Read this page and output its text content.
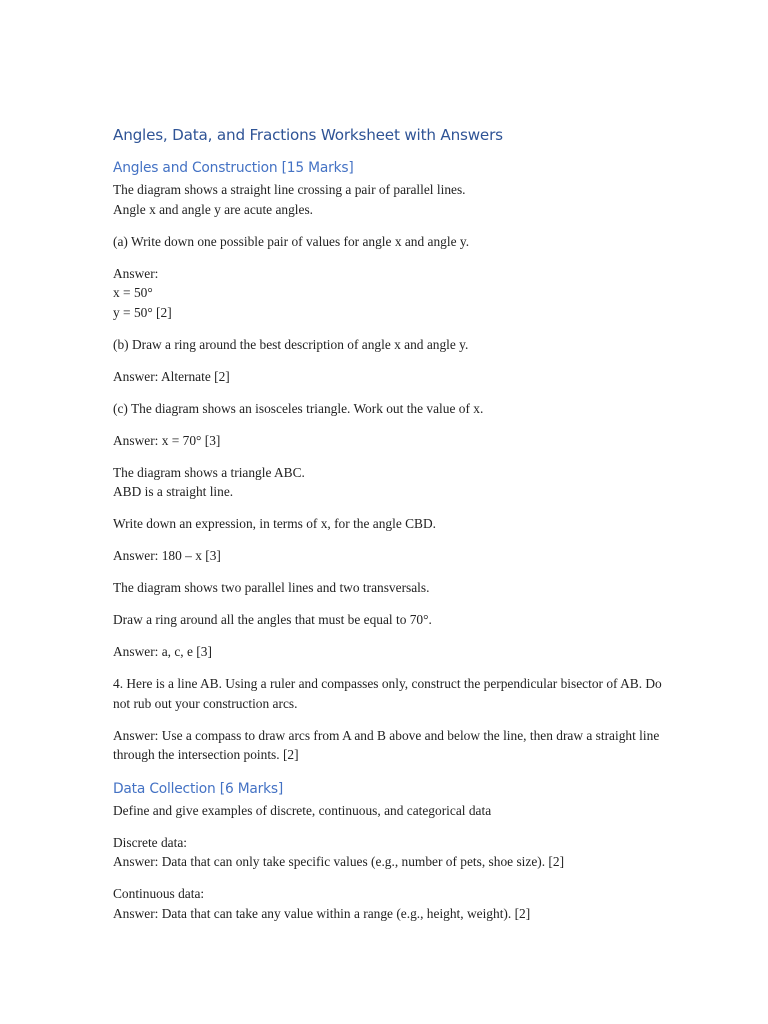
Angles, Data, and Fractions Worksheet with Answers
Angles and Construction [15 Marks]

The diagram shows a straight line crossing a pair of parallel lines.
Angle x and angle y are acute angles.

(a) Write down one possible pair of values for angle x and angle y.

Answer:
x = 50°
y = 50° [2]

(b) Draw a ring around the best description of angle x and angle y.

Answer: Alternate [2]

(c) The diagram shows an isosceles triangle. Work out the value of x.

Answer: x = 70° [3]

The diagram shows a triangle ABC.
ABD is a straight line.

Write down an expression, in terms of x, for the angle CBD.

Answer: 180 – x [3]

The diagram shows two parallel lines and two transversals.

Draw a ring around all the angles that must be equal to 70°.

Answer: a, c, e [3]

4. Here is a line AB. Using a ruler and compasses only, construct the perpendicular bisector of AB. Do not rub out your construction arcs.

Answer: Use a compass to draw arcs from A and B above and below the line, then draw a straight line through the intersection points. [2]

Data Collection [6 Marks]

Define and give examples of discrete, continuous, and categorical data

Discrete data:
Answer: Data that can only take specific values (e.g., number of pets, shoe size). [2]

Continuous data:
Answer: Data that can take any value within a range (e.g., height, weight). [2]
